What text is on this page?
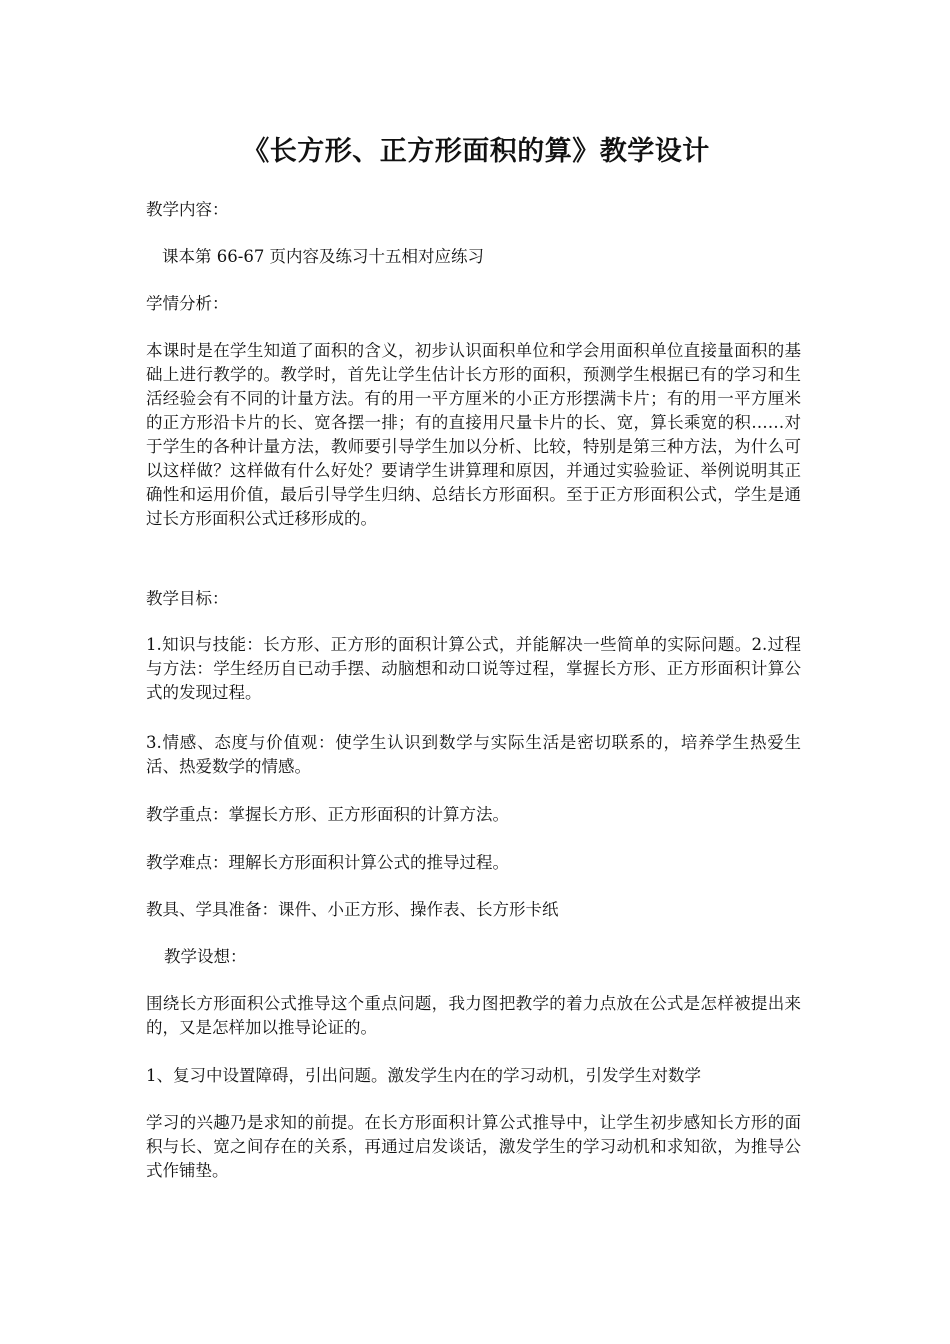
《长方形、正方形面积的算》教学设计

教学内容：

课本第 66-67 页内容及练习十五相对应练习

学情分析：

本课时是在学生知道了面积的含义，初步认识面积单位和学会用面积单位直接量面积的基础上进行教学的。教学时，首先让学生估计长方形的面积，预测学生根据已有的学习和生活经验会有不同的计量方法。有的用一平方厘米的小正方形摆满卡片；有的用一平方厘米的正方形沿卡片的长、宽各摆一排；有的直接用尺量卡片的长、宽，算长乘宽的积……对于学生的各种计量方法，教师要引导学生加以分析、比较，特别是第三种方法，为什么可以这样做？这样做有什么好处？要请学生讲算理和原因，并通过实验验证、举例说明其正确性和运用价值，最后引导学生归纳、总结长方形面积。至于正方形面积公式，学生是通过长方形面积公式迁移形成的。

教学目标：

1.知识与技能：长方形、正方形的面积计算公式，并能解决一些简单的实际问题。2.过程与方法：学生经历自已动手摆、动脑想和动口说等过程，掌握长方形、正方形面积计算公式的发现过程。

3.情感、态度与价值观：使学生认识到数学与实际生活是密切联系的，培养学生热爱生活、热爱数学的情感。

教学重点：掌握长方形、正方形面积的计算方法。

教学难点：理解长方形面积计算公式的推导过程。

教具、学具准备：课件、小正方形、操作表、长方形卡纸

教学设想：

围绕长方形面积公式推导这个重点问题，我力图把教学的着力点放在公式是怎样被提出来的，又是怎样加以推导论证的。

1、复习中设置障碍，引出问题。激发学生内在的学习动机，引发学生对数学

学习的兴趣乃是求知的前提。在长方形面积计算公式推导中，让学生初步感知长方形的面积与长、宽之间存在的关系，再通过启发谈话，激发学生的学习动机和求知欲，为推导公式作铺垫。
